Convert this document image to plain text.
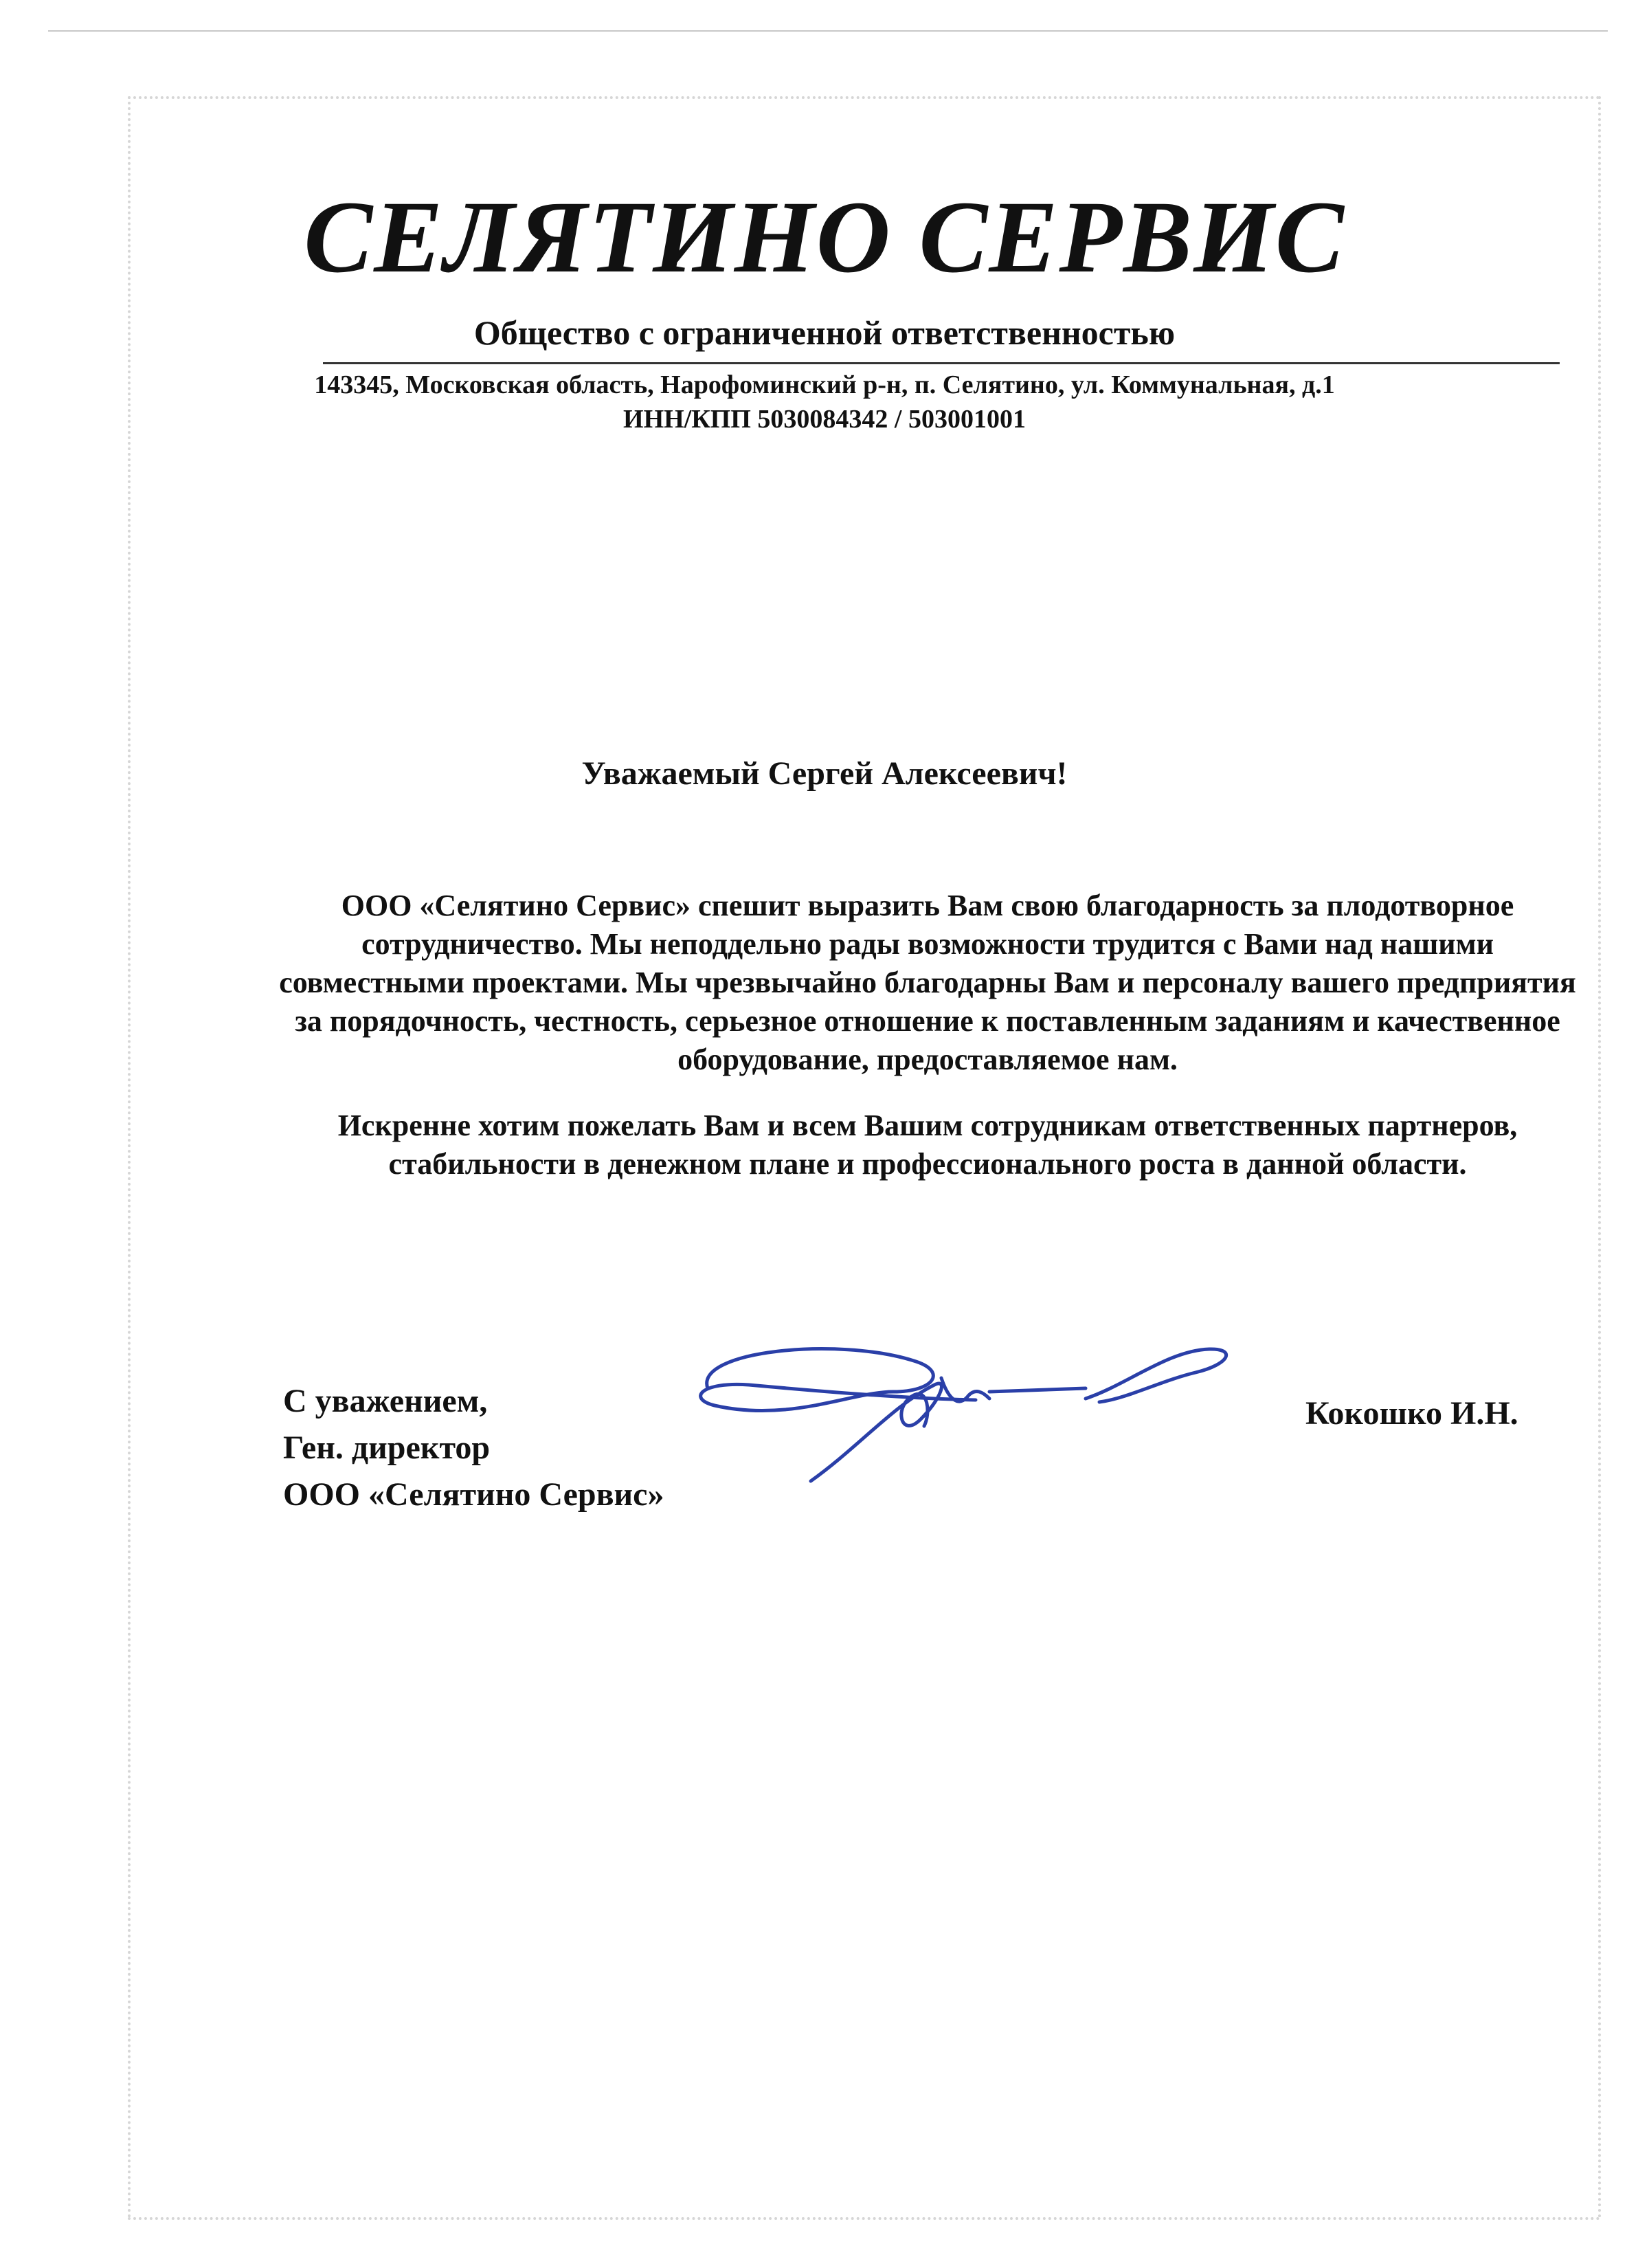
СЕЛЯТИНО СЕРВИС
Общество с ограниченной ответственностью
143345, Московская область, Нарофоминский р-н, п. Селятино, ул. Коммунальная, д.1
ИНН/КПП 5030084342 / 503001001
Уважаемый Сергей Алексеевич!
ООО «Селятино Сервис» спешит выразить Вам свою благодарность за плодотворное сотрудничество. Мы неподдельно рады возможности трудится с Вами над нашими совместными проектами. Мы чрезвычайно благодарны Вам и персоналу вашего предприятия за порядочность, честность, серьезное отношение к поставленным заданиям и качественное оборудование, предоставляемое нам.
Искренне хотим пожелать Вам и всем Вашим сотрудникам ответственных партнеров, стабильности в денежном плане и профессионального роста в данной области.
С уважением,
Ген. директор
ООО «Селятино Сервис»
Кокошко И.Н.
